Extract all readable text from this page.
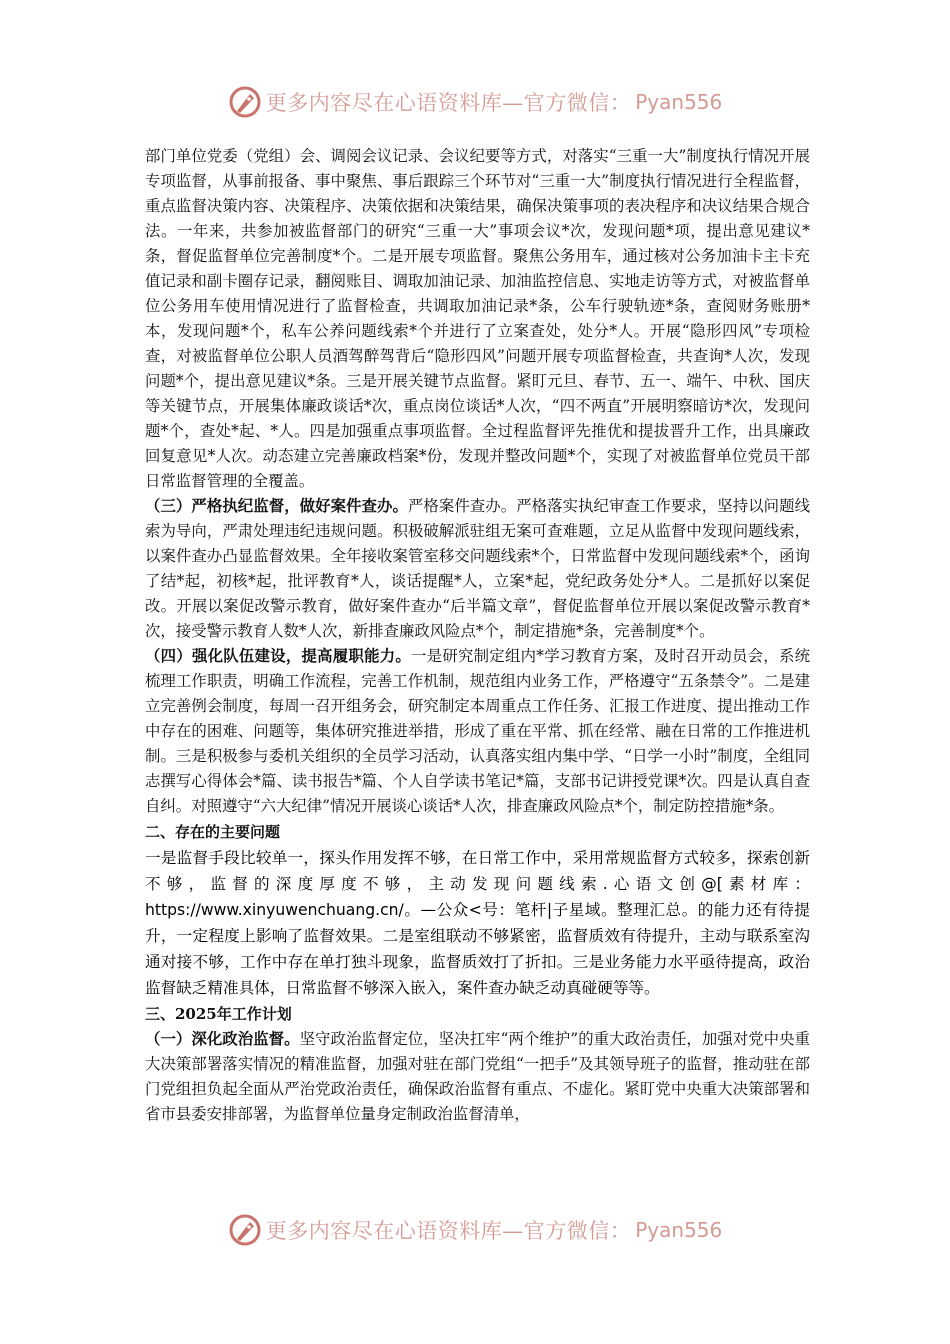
更多内容尽在心语资料库—官方微信： Pyan556

部门单位党委（党组）会、调阅会议记录、会议纪要等方式，对落实“三重一大”制度执行情况开展专项监督，从事前报备、事中聚焦、事后跟踪三个环节对“三重一大”制度执行情况进行全程监督，重点监督决策内容、决策程序、决策依据和决策结果，确保决策事项的表决程序和决议结果合规合法。一年来，共参加被监督部门的研究“三重一大”事项会议*次，发现问题*项，提出意见建议*条，督促监督单位完善制度*个。二是开展专项监督。聚焦公务用车，通过核对公务加油卡主卡充值记录和副卡圈存记录，翻阅账目、调取加油记录、加油监控信息、实地走访等方式，对被监督单位公务用车使用情况进行了监督检查，共调取加油记录*条，公车行驶轨迹*条，查阅财务账册*本，发现问题*个，私车公养问题线索*个并进行了立案查处，处分*人。开展“隐形四风”专项检查，对被监督单位公职人员酒驾醉驾背后“隐形四风”问题开展专项监督检查，共查询*人次，发现问题*个，提出意见建议*条。三是开展关键节点监督。紧盯元旦、春节、五一、端午、中秋、国庆等关键节点，开展集体廉政谈话*次，重点岗位谈话*人次，“四不两直”开展明察暗访*次，发现问题*个，查处*起、*人。四是加强重点事项监督。全过程监督评先推优和提拔晋升工作，出具廉政回复意见*人次。动态建立完善廉政档案*份，发现并整改问题*个，实现了对被监督单位党员干部日常监督管理的全覆盖。

（三）严格执纪监督，做好案件查办。严格案件查办。严格落实执纪审查工作要求，坚持以问题线索为导向，严肃处理违纪违规问题。积极破解派驻组无案可查难题，立足从监督中发现问题线索，以案件查办凸显监督效果。全年接收案管室移交问题线索*个，日常监督中发现问题线索*个，函询了结*起，初核*起，批评教育*人，谈话提醒*人，立案*起，党纪政务处分*人。二是抓好以案促改。开展以案促改警示教育，做好案件查办“后半篇文章”，督促监督单位开展以案促改警示教育*次，接受警示教育人数*人次，新排查廉政风险点*个，制定措施*条，完善制度*个。

（四）强化队伍建设，提高履职能力。一是研究制定组内*学习教育方案，及时召开动员会，系统梳理工作职责，明确工作流程，完善工作机制，规范组内业务工作，严格遵守“五条禁令”。二是建立完善例会制度，每周一召开组务会，研究制定本周重点工作任务、汇报工作进度、提出推动工作中存在的困难、问题等，集体研究推进举措，形成了重在平常、抓在经常、融在日常的工作推进机制。三是积极参与委机关组织的全员学习活动，认真落实组内集中学、“日学一小时”制度，全组同志撰写心得体会*篇、读书报告*篇、个人自学读书笔记*篇，支部书记讲授党课*次。四是认真自查自纠。对照遵守“六大纪律”情况开展谈心谈话*人次，排查廉政风险点*个，制定防控措施*条。

二、存在的主要问题

一是监督手段比较单一，探头作用发挥不够，在日常工作中，采用常规监督方式较多，探索创新不够，监督的深度厚度不够，主动发现问题线索.心语文创@[素材库：https://www.xinyuwenchuang.cn/。—公众<号：笔杆|子星域。整理汇总。的能力还有待提升，一定程度上影响了监督效果。二是室组联动不够紧密，监督质效有待提升，主动与联系室沟通对接不够，工作中存在单打独斗现象，监督质效打了折扣。三是业务能力水平亟待提高，政治监督缺乏精准具体，日常监督不够深入嵌入，案件查办缺乏动真碰硬等等。

三、2025年工作计划

（一）深化政治监督。坚守政治监督定位，坚决扛牢“两个维护”的重大政治责任，加强对党中央重大决策部署落实情况的精准监督，加强对驻在部门党组“一把手”及其领导班子的监督，推动驻在部门党组担负起全面从严治党政治责任，确保政治监督有重点、不虚化。紧盯党中央重大决策部署和省市县委安排部署，为监督单位量身定制政治监督清单，

更多内容尽在心语资料库—官方微信： Pyan556
